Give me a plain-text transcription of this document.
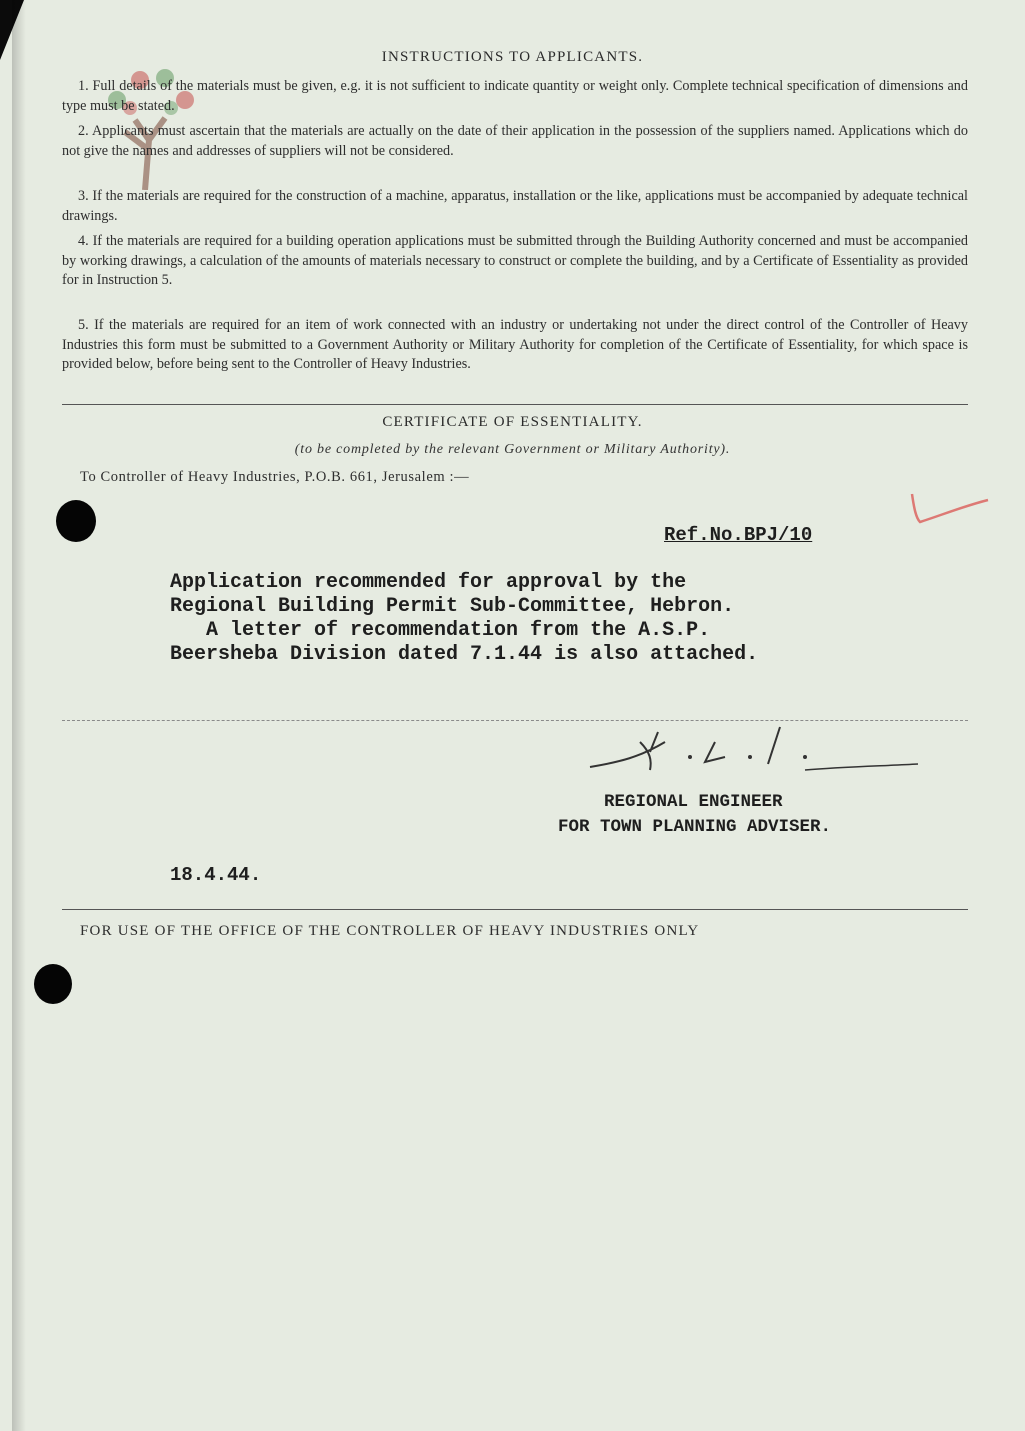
INSTRUCTIONS TO APPLICANTS.
1. Full details of the materials must be given, e.g. it is not sufficient to indicate quantity or weight only. Complete technical specification of dimensions and type must be stated.
2. Applicants must ascertain that the materials are actually on the date of their application in the possession of the suppliers named. Applications which do not give the names and addresses of suppliers will not be considered.
3. If the materials are required for the construction of a machine, apparatus, installation or the like, applications must be accompanied by adequate technical drawings.
4. If the materials are required for a building operation applications must be submitted through the Building Authority concerned and must be accompanied by working drawings, a calculation of the amounts of materials necessary to construct or complete the building, and by a Certificate of Essentiality as provided for in Instruction 5.
5. If the materials are required for an item of work connected with an industry or undertaking not under the direct control of the Controller of Heavy Industries this form must be submitted to a Government Authority or Military Authority for completion of the Certificate of Essentiality, for which space is provided below, before being sent to the Controller of Heavy Industries.
CERTIFICATE OF ESSENTIALITY.
(to be completed by the relevant Government or Military Authority).
To Controller of Heavy Industries, P.O.B. 661, Jerusalem :—
Ref.No.BPJ/10
Application recommended for approval by the
Regional Building Permit Sub-Committee, Hebron.
A letter of recommendation from the A.S.P.
Beersheba Division dated 7.1.44 is also attached.
REGIONAL ENGINEER
FOR TOWN PLANNING ADVISER.
18.4.44.
FOR USE OF THE OFFICE OF THE CONTROLLER OF HEAVY INDUSTRIES ONLY
